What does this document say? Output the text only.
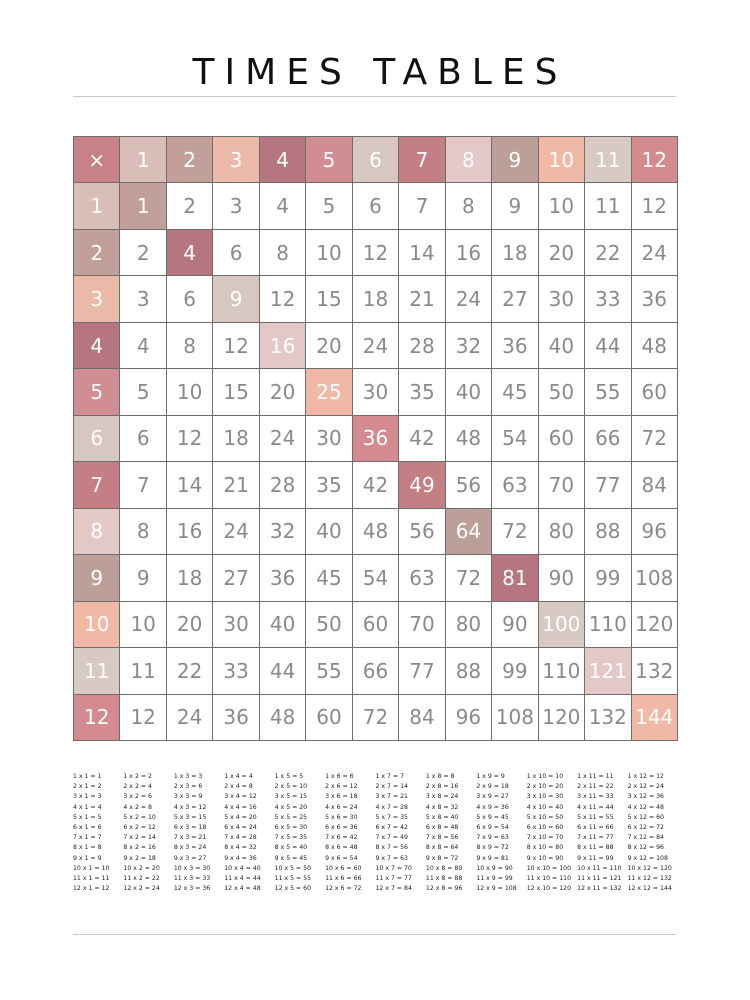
TIMES TABLES
×	1	2	3	4	5	6	7	8	9	10	11	12
1	1	2	3	4	5	6	7	8	9	10	11	12
2	2	4	6	8	10	12	14	16	18	20	22	24
3	3	6	9	12	15	18	21	24	27	30	33	36
4	4	8	12	16	20	24	28	32	36	40	44	48
5	5	10	15	20	25	30	35	40	45	50	55	60
6	6	12	18	24	30	36	42	48	54	60	66	72
7	7	14	21	28	35	42	49	56	63	70	77	84
8	8	16	24	32	40	48	56	64	72	80	88	96
9	9	18	27	36	45	54	63	72	81	90	99 108
10	10	20	30	40	50	60	70	80	90 100 110 120
11	11	22	33	44	55	66	77	88	99 110 121 132
12	12	24	36	48	60	72	84	96 108 120 132 144
1 x 1 = 1
2 x 1 = 2
3 x 1 = 3
4 x 1 = 4
5 x 1 = 5
6 x 1 = 6
7 x 1 = 7
8 x 1 = 8
9 x 1 = 9
10 x 1 = 10
11 x 1 = 11
12 x 1 = 12
1 x 2 = 2
2 x 2 = 4
3 x 2 = 6
4 x 2 = 8
5 x 2 = 10
6 x 2 = 12
7 x 2 = 14
8 x 2 = 16
9 x 2 = 18
10 x 2 = 20
11 x 2 = 22
12 x 2 = 24
1 x 3 = 3
2 x 3 = 6
3 x 3 = 9
4 x 3 = 12
5 x 3 = 15
6 x 3 = 18
7 x 3 = 21
8 x 3 = 24
9 x 3 = 27
10 x 3 = 30
11 x 3 = 33
12 x 3 = 36
1 x 4 = 4
2 x 4 = 8
3 x 4 = 12
4 x 4 = 16
5 x 4 = 20
6 x 4 = 24
7 x 4 = 28
8 x 4 = 32
9 x 4 = 36
10 x 4 = 40
11 x 4 = 44
12 x 4 = 48
1 x 5 = 5
2 x 5 = 10
3 x 5 = 15
4 x 5 = 20
5 x 5 = 25
6 x 5 = 30
7 x 5 = 35
8 x 5 = 40
9 x 5 = 45
10 x 5 = 50
11 x 5 = 55
12 x 5 = 60
1 x 6 = 6
2 x 6 = 12
3 x 6 = 18
4 x 6 = 24
5 x 6 = 30
6 x 6 = 36
7 x 6 = 42
8 x 6 = 48
9 x 6 = 54
10 x 6 = 60
11 x 6 = 66
12 x 6 = 72
1 x 7 = 7
2 x 7 = 14
3 x 7 = 21
4 x 7 = 28
5 x 7 = 35
6 x 7 = 42
7 x 7 = 49
8 x 7 = 56
9 x 7 = 63
10 x 7 = 70
11 x 7 = 77
12 x 7 = 84
1 x 8 = 8
2 x 8 = 16
3 x 8 = 24
4 x 8 = 32
5 x 8 = 40
6 x 8 = 48
7 x 8 = 56
8 x 8 = 64
9 x 8 = 72
10 x 8 = 80
11 x 8 = 88
12 x 8 = 96
1 x 9 = 9
2 x 9 = 18
3 x 9 = 27
4 x 9 = 36
5 x 9 = 45
6 x 9 = 54
7 x 9 = 63
8 x 9 = 72
9 x 9 = 81
10 x 9 = 90
11 x 9 = 99
12 x 9 = 108
1 x 10 = 10
2 x 10 = 20
3 x 10 = 30
4 x 10 = 40
5 x 10 = 50
6 x 10 = 60
7 x 10 = 70
8 x 10 = 80
9 x 10 = 90
10 x 10 = 100
11 x 10 = 110
12 x 10 = 120
1 x 11 = 11
2 x 11 = 22
3 x 11 = 33
4 x 11 = 44
5 x 11 = 55
6 x 11 = 66
7 x 11 = 77
8 x 11 = 88
9 x 11 = 99
10 x 11 = 110
11 x 11 = 121
12 x 11 = 132
1 x 12 = 12
2 x 12 = 24
3 x 12 = 36
4 x 12 = 48
5 x 12 = 60
6 x 12 = 72
7 x 12 = 84
8 x 12 = 96
9 x 12 = 108
10 x 12 = 120
11 x 12 = 132
12 x 12 = 144
